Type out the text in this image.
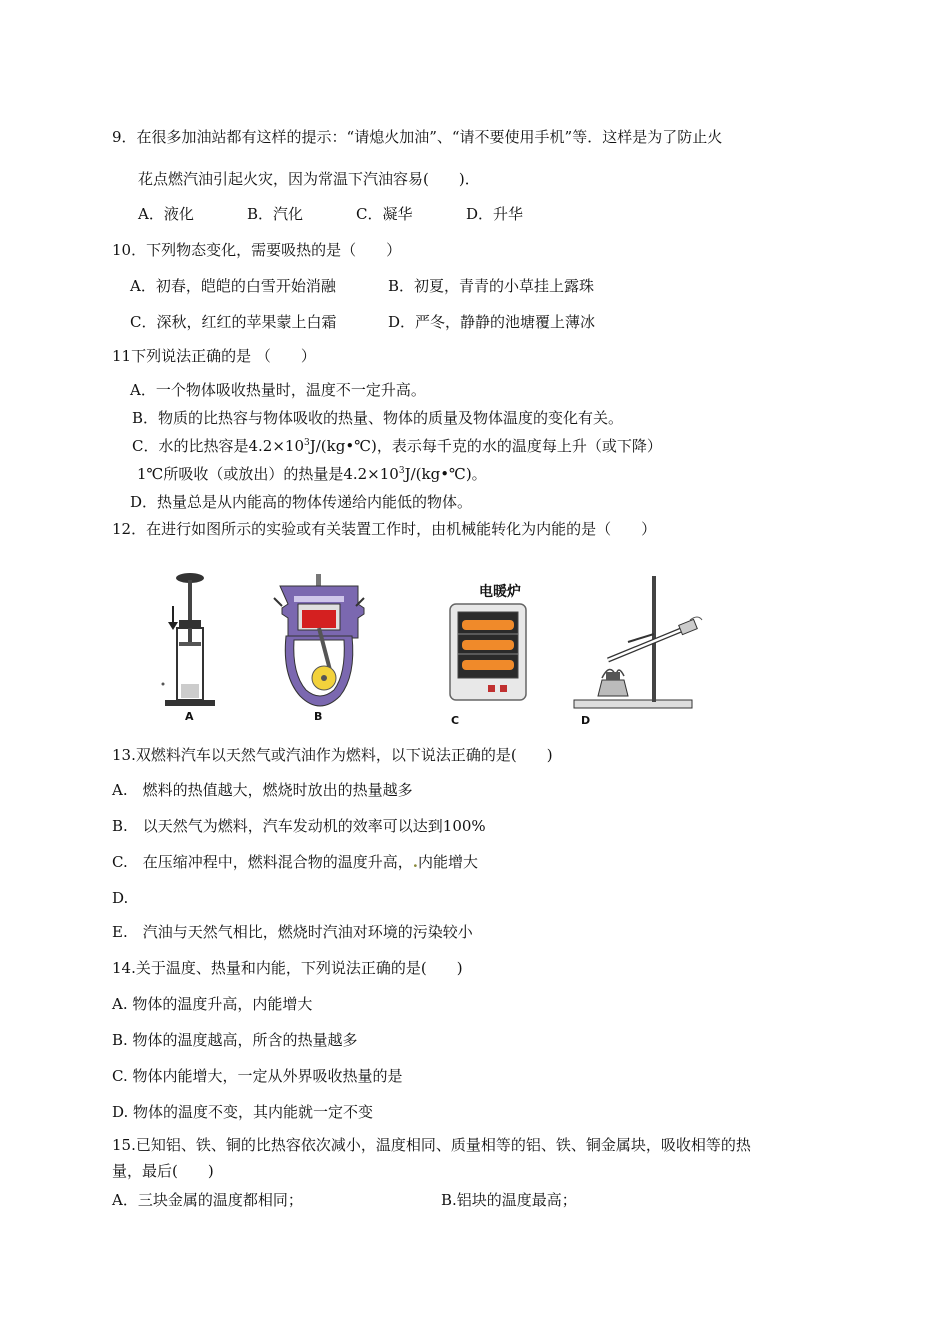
9．在很多加油站都有这样的提示：“请熄火加油”、“请不要使用手机”等．这样是为了防止火
花点燃汽油引起火灾，因为常温下汽油容易(　　)．
A．液化	B．汽化	C．凝华	D．升华
10．下列物态变化，需要吸热的是（　　）
A．初春，皑皑的白雪开始消融	B．初夏，青青的小草挂上露珠
C．深秋，红红的苹果蒙上白霜	D．严冬，静静的池塘覆上薄冰
11下列说法正确的是 （　　）
A．一个物体吸收热量时，温度不一定升高。
B．物质的比热容与物体吸收的热量、物体的质量及物体温度的变化有关。
C．水的比热容是$4.2\times 10^3J/(kg•℃)$，表示每千克的水的温度每上升（或下降）
1℃所吸收（或放出）的热量是$4.2\times 10^3J/(kg•℃)$。
D．热量总是从内能高的物体传递给内能低的物体。
12．在进行如图所示的实验或有关装置工作时，由机械能转化为内能的是（　　）
A	B
电暖炉
C	D
13.双燃料汽车以天然气或汽油作为燃料，以下说法正确的是(　　)
A.　燃料的热值越大，燃烧时放出的热量越多
B.　以天然气为燃料，汽车发动机的效率可以达到100%
C.　在压缩冲程中，燃料混合物的温度升高，.内能增大
D.
E.　汽油与天然气相比，燃烧时汽油对环境的污染较小
14.关于温度、热量和内能，下列说法正确的是(　　)
A. 物体的温度升高，内能增大
B. 物体的温度越高，所含的热量越多
C. 物体内能增大，一定从外界吸收热量的是
D. 物体的温度不变，其内能就一定不变
15.已知铝、铁、铜的比热容依次减小，温度相同、质量相等的铝、铁、铜金属块，吸收相等的热
量，最后(　　)
A．三块金属的温度都相同；	B.铝块的温度最高；
